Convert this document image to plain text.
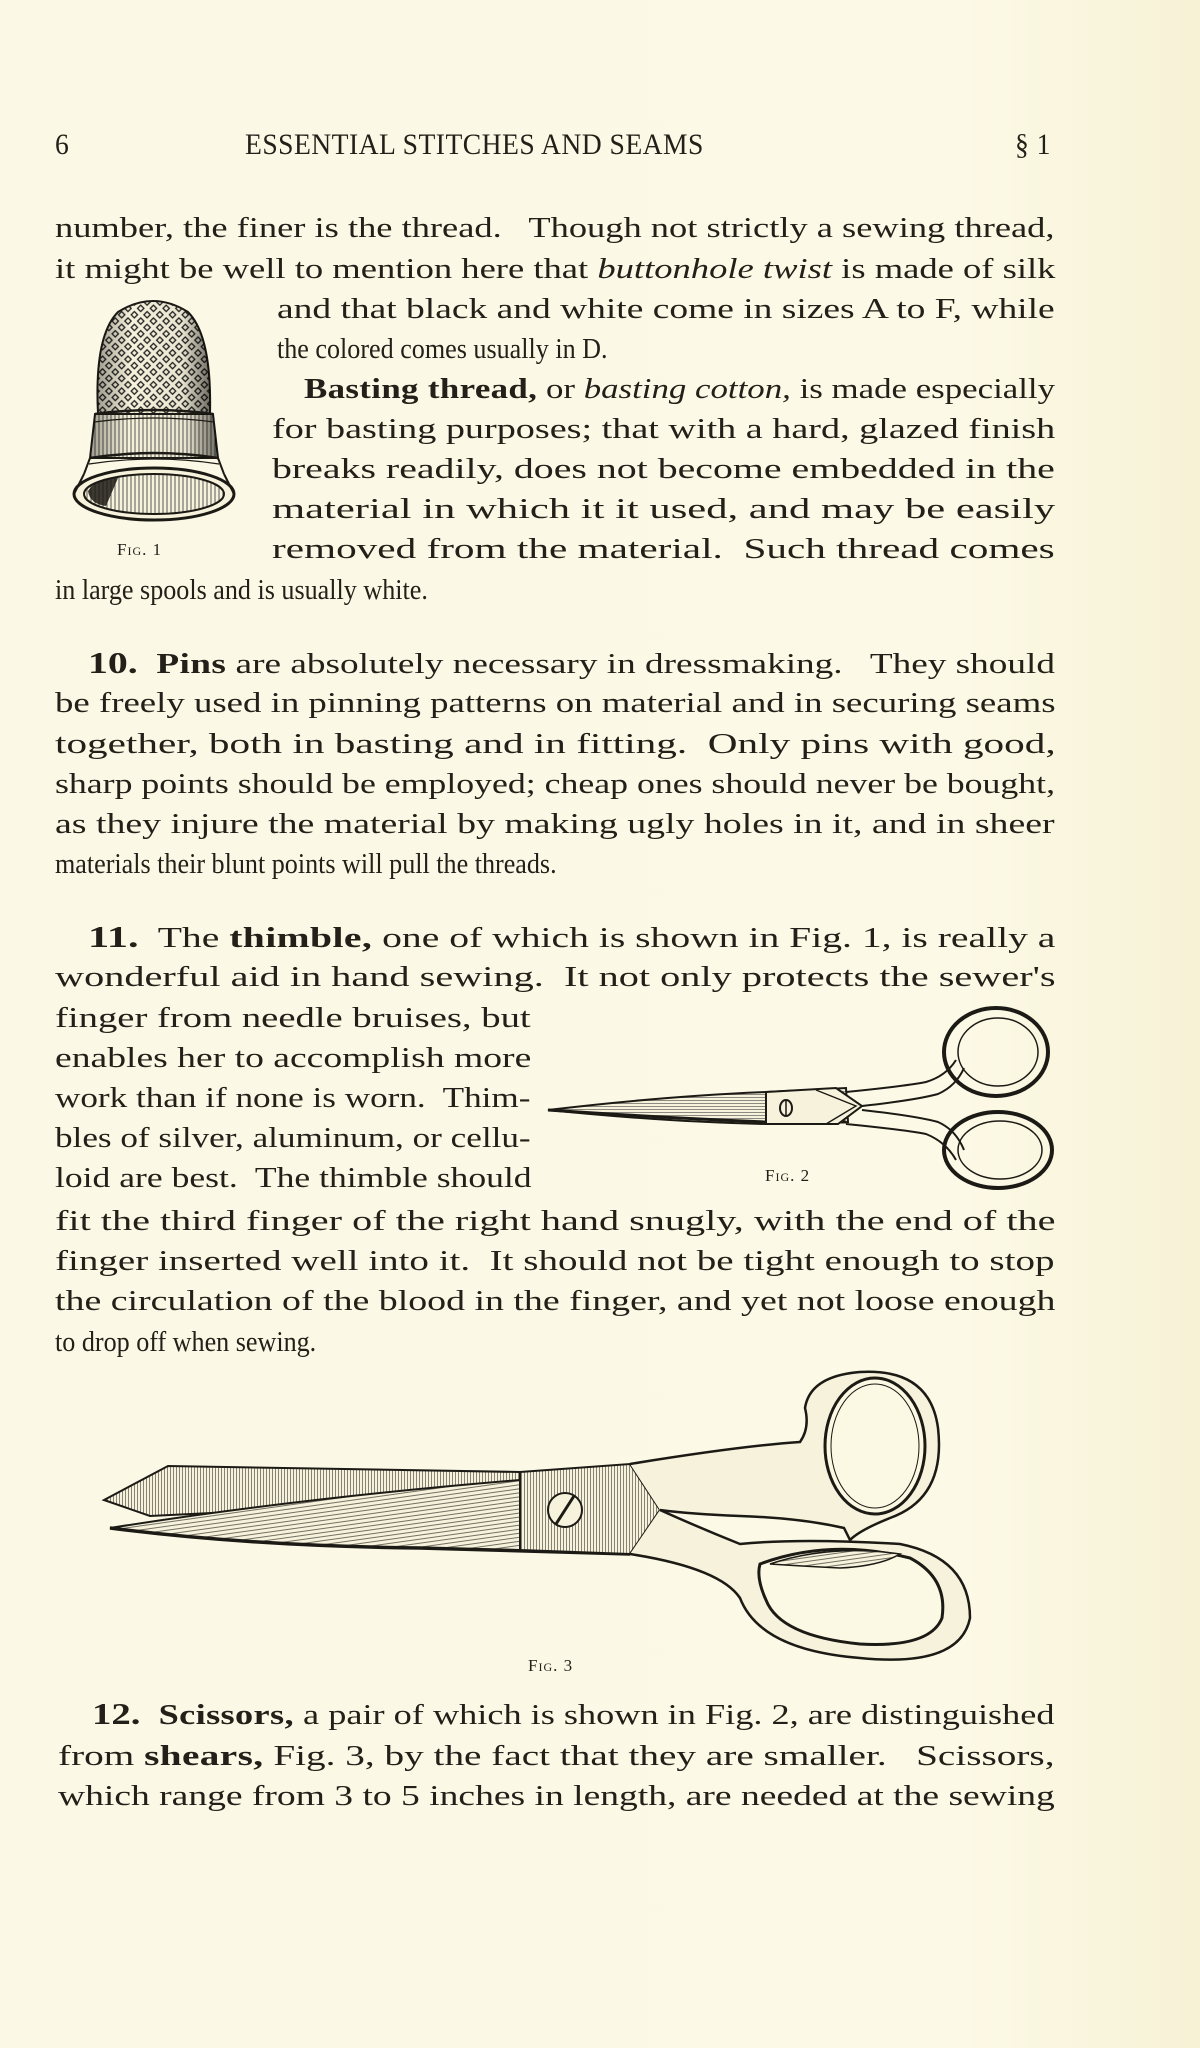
6	ESSENTIAL STITCHES AND SEAMS	§ 1
number, the finer is the thread.   Though not strictly a sewing thread,
it might be well to mention here that buttonhole twist is made of silk
and that black and white come in sizes A to F, while
the colored comes usually in D.
Basting thread, or basting cotton, is made especially
for basting purposes; that with a hard, glazed finish
breaks readily, does not become embedded in the
material in which it it used, and may be easily
removed from the material.  Such thread comes
in large spools and is usually white.
Fig. 1
10. Pins are absolutely necessary in dressmaking.   They should
be freely used in pinning patterns on material and in securing seams
together, both in basting and in fitting.  Only pins with good,
sharp points should be employed; cheap ones should never be bought,
as they injure the material by making ugly holes in it, and in sheer
materials their blunt points will pull the threads.
11. The thimble, one of which is shown in Fig. 1, is really a
wonderful aid in hand sewing.  It not only protects the sewer's
finger from needle bruises, but
enables her to accomplish more
work than if none is worn.  Thim-
bles of silver, aluminum, or cellu-
loid are best.  The thimble should
fit the third finger of the right hand snugly, with the end of the
finger inserted well into it.  It should not be tight enough to stop
the circulation of the blood in the finger, and yet not loose enough
to drop off when sewing.
Fig. 2
Fig. 3
12. Scissors, a pair of which is shown in Fig. 2, are distinguished
from shears, Fig. 3, by the fact that they are smaller.   Scissors,
which range from 3 to 5 inches in length, are needed at the sewing
